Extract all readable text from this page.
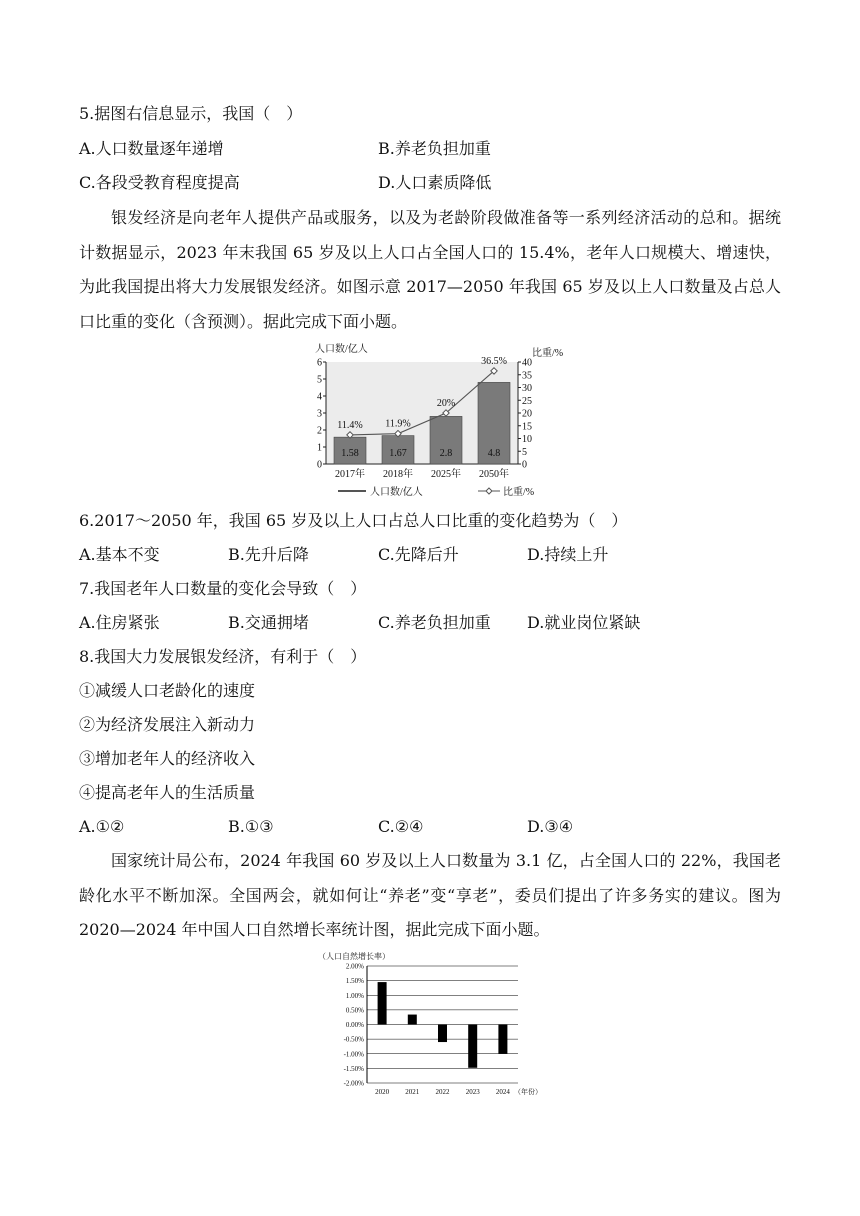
5.据图右信息显示，我国（　）
A.人口数量逐年递增	B.养老负担加重
C.各段受教育程度提高	D.人口素质降低
银发经济是向老年人提供产品或服务，以及为老龄阶段做准备等一系列经济活动的总和。据统计数据显示，2023 年末我国 65 岁及以上人口占全国人口的 15.4%，老年人口规模大、增速快，为此我国提出将大力发展银发经济。如图示意 2017—2050 年我国 65 岁及以上人口数量及占总人口比重的变化（含预测）。据此完成下面小题。
人口数/亿人	比重/%
0
1
2
3
4
5
6
0
5
10
15
20
25
30
35
40
1.58	1.67	2.8	4.8
11.4% 11.9%
20%
36.5%
2017年 2018年 2025年 2050年
人口数/亿人	比重/%
6.2017～2050 年，我国 65 岁及以上人口占总人口比重的变化趋势为（　）
A.基本不变	B.先升后降	C.先降后升	D.持续上升
7.我国老年人口数量的变化会导致（　）
A.住房紧张	B.交通拥堵	C.养老负担加重 D.就业岗位紧缺
8.我国大力发展银发经济，有利于（　）
①减缓人口老龄化的速度
②为经济发展注入新动力
③增加老年人的经济收入
④提高老年人的生活质量
A.①②	B.①③	C.②④	D.③④
国家统计局公布，2024 年我国 60 岁及以上人口数量为 3.1 亿，占全国人口的 22%，我国老龄化水平不断加深。全国两会，就如何让“养老”变“享老”，委员们提出了许多务实的建议。图为 2020—2024 年中国人口自然增长率统计图，据此完成下面小题。
（人口自然增长率）
-2.00%
-1.50%
-1.00%
-0.50%
0.00%
0.50%
1.00%
1.50%
2.00%
2020 2021 2022 2023 2024 （年份）
